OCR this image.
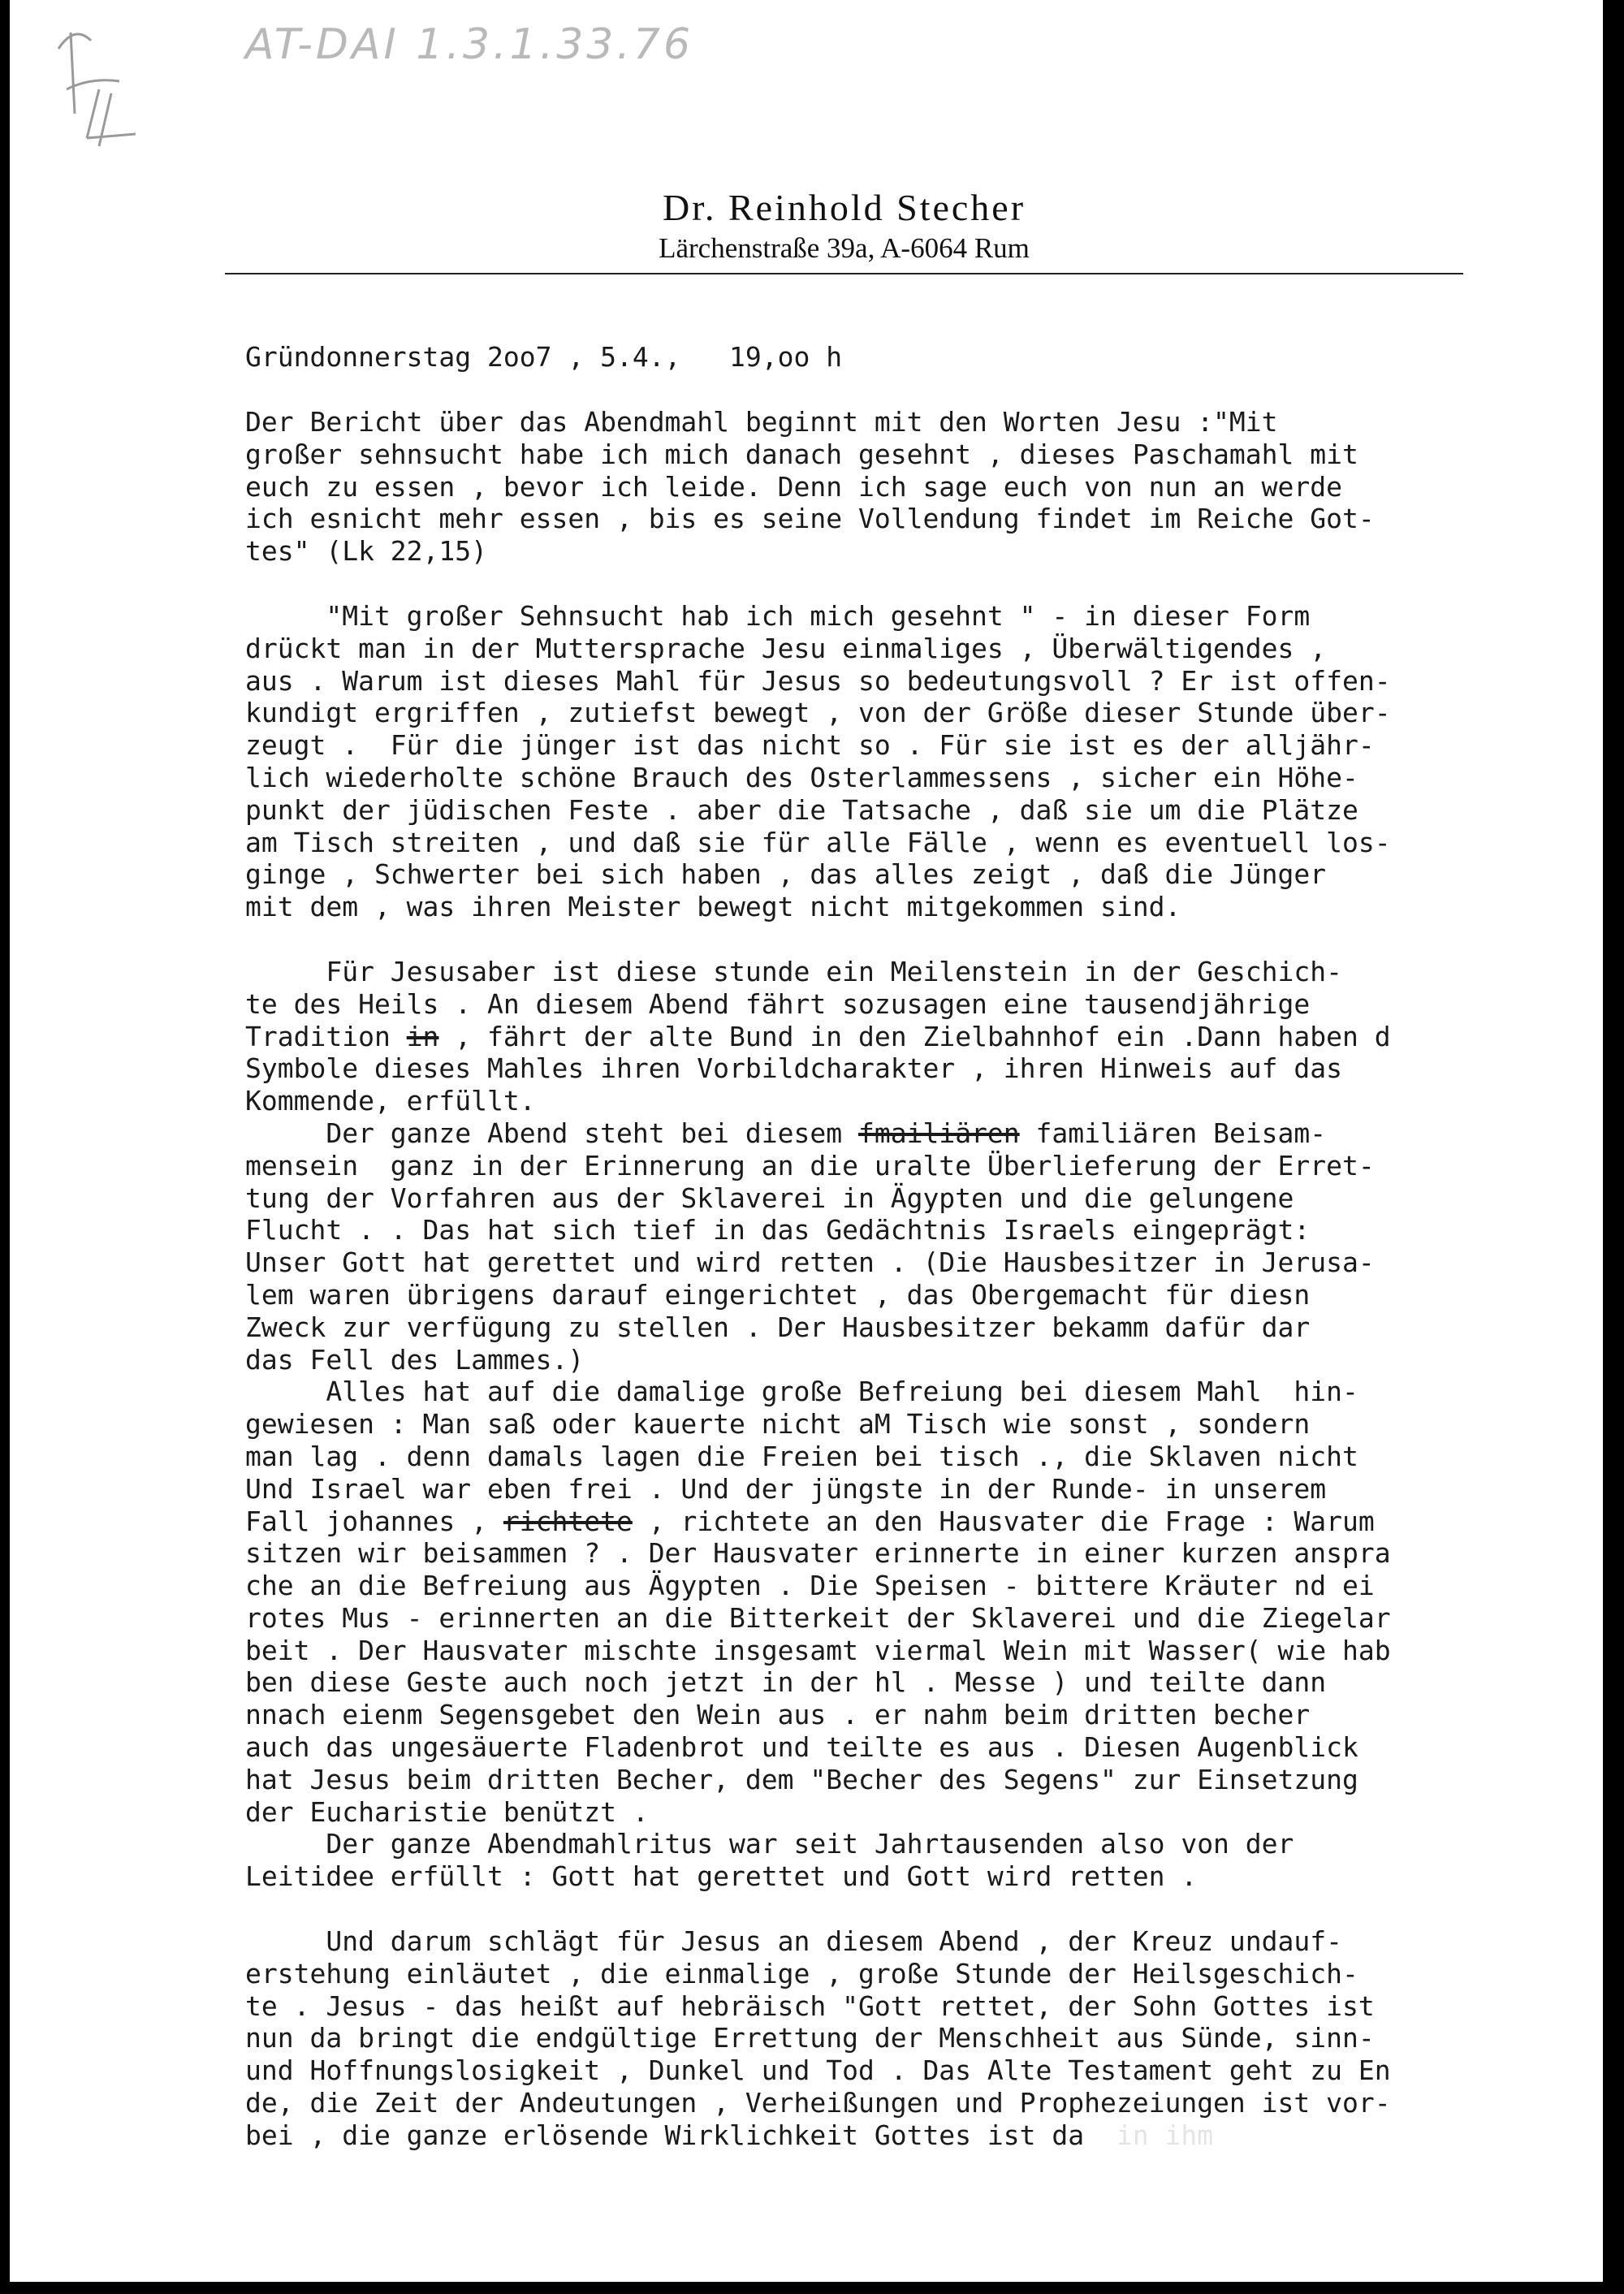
AT-DAI 1.3.1.33.76
Dr. Reinhold Stecher
Lärchenstraße 39a, A-6064 Rum
Gründonnerstag 2oo7 , 5.4.,   19,oo h

Der Bericht über das Abendmahl beginnt mit den Worten Jesu :"Mit

großer sehnsucht habe ich mich danach gesehnt , dieses Paschamahl mit

euch zu essen , bevor ich leide. Denn ich sage euch von nun an werde

ich esnicht mehr essen , bis es seine Vollendung findet im Reiche Got-

tes" (Lk 22,15)

"Mit großer Sehnsucht hab ich mich gesehnt " - in dieser Form

drückt man in der Muttersprache Jesu einmaliges , Überwältigendes ,

aus . Warum ist dieses Mahl für Jesus so bedeutungsvoll ? Er ist offen-

kundigt ergriffen , zutiefst bewegt , von der Größe dieser Stunde über-

zeugt .  Für die jünger ist das nicht so . Für sie ist es der alljähr-

lich wiederholte schöne Brauch des Osterlammessens , sicher ein Höhe-

punkt der jüdischen Feste . aber die Tatsache , daß sie um die Plätze

am Tisch streiten , und daß sie für alle Fälle , wenn es eventuell los-

ginge , Schwerter bei sich haben , das alles zeigt , daß die Jünger

mit dem , was ihren Meister bewegt nicht mitgekommen sind.

Für Jesusaber ist diese stunde ein Meilenstein in der Geschich-

te des Heils . An diesem Abend fährt sozusagen eine tausendjährige

Tradition in , fährt der alte Bund in den Zielbahnhof ein .Dann haben d

Symbole dieses Mahles ihren Vorbildcharakter , ihren Hinweis auf das

Kommende, erfüllt.

Der ganze Abend steht bei diesem fmailiären familiären Beisam-

mensein  ganz in der Erinnerung an die uralte Überlieferung der Erret-

tung der Vorfahren aus der Sklaverei in Ägypten und die gelungene

Flucht . . Das hat sich tief in das Gedächtnis Israels eingeprägt:

Unser Gott hat gerettet und wird retten . (Die Hausbesitzer in Jerusa-

lem waren übrigens darauf eingerichtet , das Obergemacht für diesn

Zweck zur verfügung zu stellen . Der Hausbesitzer bekamm dafür dar

das Fell des Lammes.)

Alles hat auf die damalige große Befreiung bei diesem Mahl  hin-

gewiesen : Man saß oder kauerte nicht aM Tisch wie sonst , sondern

man lag . denn damals lagen die Freien bei tisch ., die Sklaven nicht

Und Israel war eben frei . Und der jüngste in der Runde- in unserem

Fall johannes , richtete , richtete an den Hausvater die Frage : Warum

sitzen wir beisammen ? . Der Hausvater erinnerte in einer kurzen anspra

che an die Befreiung aus Ägypten . Die Speisen - bittere Kräuter nd ei

rotes Mus - erinnerten an die Bitterkeit der Sklaverei und die Ziegelar

beit . Der Hausvater mischte insgesamt viermal Wein mit Wasser( wie hab

ben diese Geste auch noch jetzt in der hl . Messe ) und teilte dann

nnach eienm Segensgebet den Wein aus . er nahm beim dritten becher

auch das ungesäuerte Fladenbrot und teilte es aus . Diesen Augenblick

hat Jesus beim dritten Becher, dem "Becher des Segens" zur Einsetzung

der Eucharistie benützt .

Der ganze Abendmahlritus war seit Jahrtausenden also von der

Leitidee erfüllt : Gott hat gerettet und Gott wird retten .

Und darum schlägt für Jesus an diesem Abend , der Kreuz undauf-

erstehung einläutet , die einmalige , große Stunde der Heilsgeschich-

te . Jesus - das heißt auf hebräisch "Gott rettet, der Sohn Gottes ist

nun da bringt die endgültige Errettung der Menschheit aus Sünde, sinn-

und Hoffnungslosigkeit , Dunkel und Tod . Das Alte Testament geht zu En

de, die Zeit der Andeutungen , Verheißungen und Prophezeiungen ist vor-

bei , die ganze erlösende Wirklichkeit Gottes ist da  in ihm
